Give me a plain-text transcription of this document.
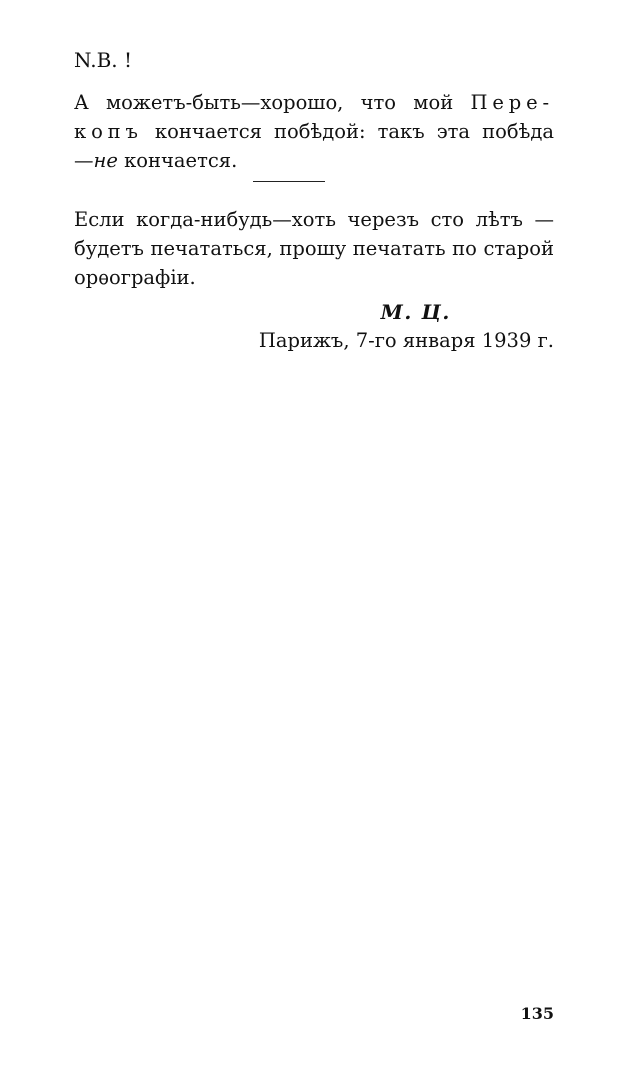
N.B. !
А можетъ-быть—хорошо, что мой Пере-
копъ кончается побѣдой: такъ эта побѣда
—не кончается.
Если когда-нибудь—хоть черезъ сто лѣтъ —
будетъ печататься, прошу печатать по старой
орѳографіи.
М. Ц.
Парижъ, 7-го января 1939 г.
135
